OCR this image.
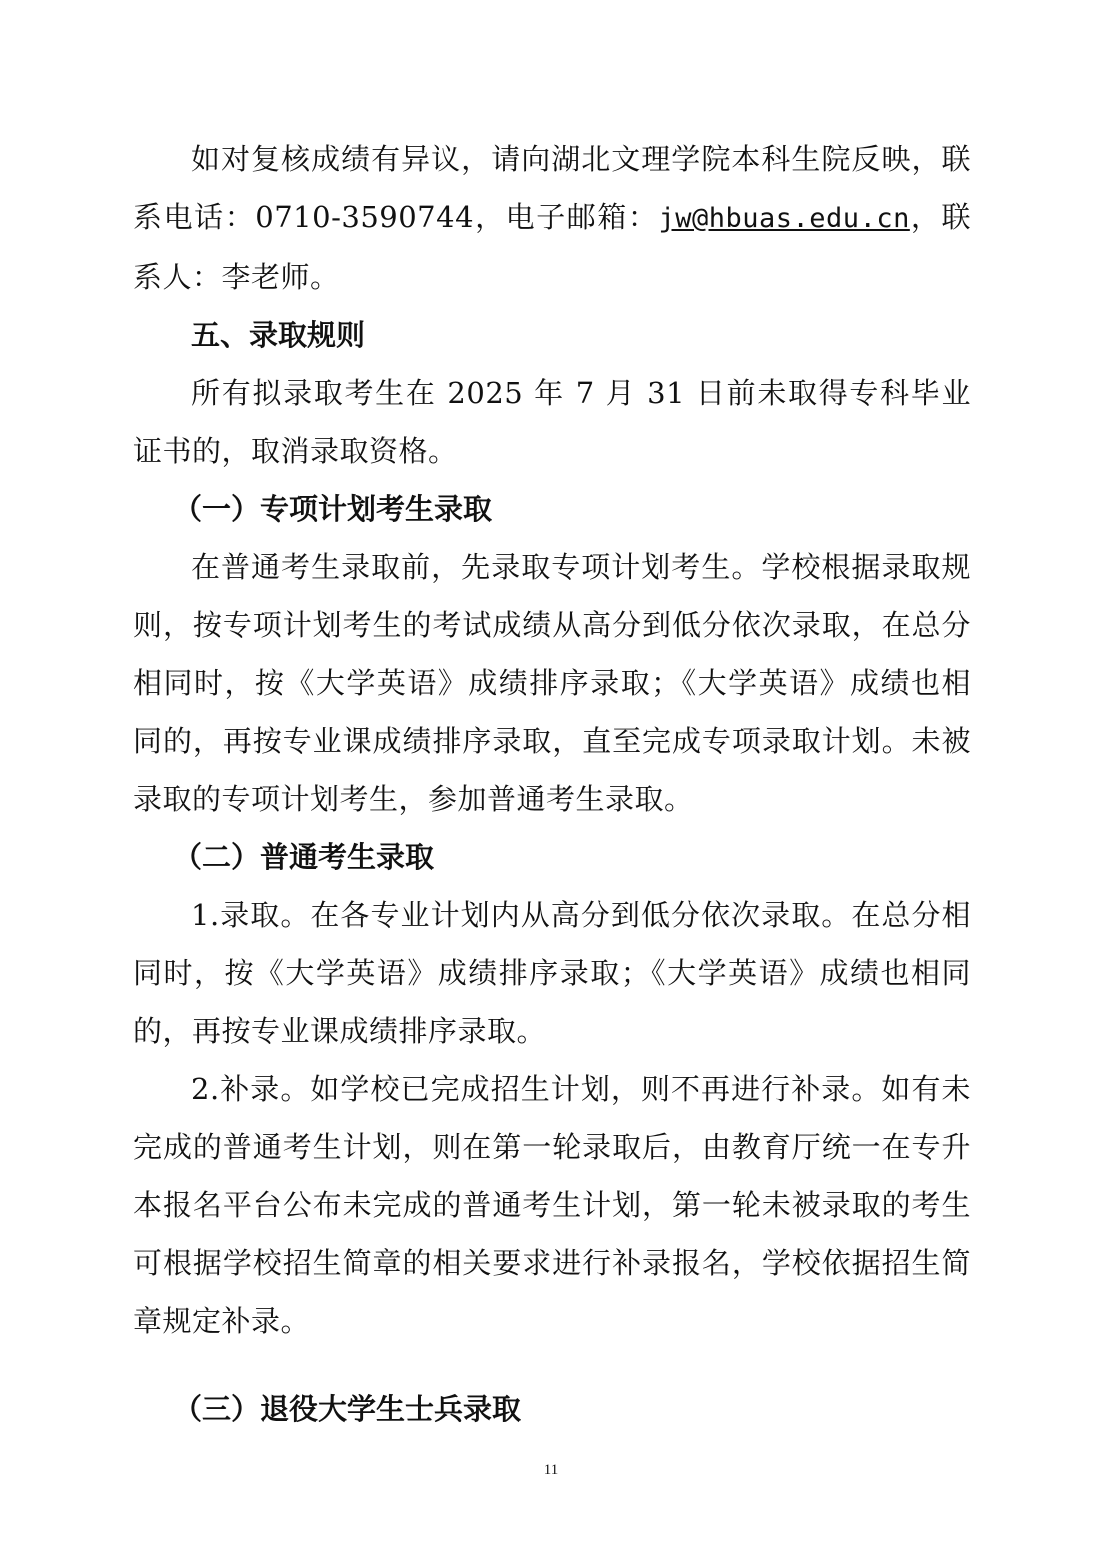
如对复核成绩有异议，请向湖北文理学院本科生院反映，联系电话：0710-3590744，电子邮箱：jw@hbuas.edu.cn，联系人：李老师。

五、录取规则

所有拟录取考生在 2025 年 7 月 31 日前未取得专科毕业证书的，取消录取资格。

（一）专项计划考生录取

在普通考生录取前，先录取专项计划考生。学校根据录取规则，按专项计划考生的考试成绩从高分到低分依次录取，在总分相同时，按《大学英语》成绩排序录取；《大学英语》成绩也相同的，再按专业课成绩排序录取，直至完成专项录取计划。未被录取的专项计划考生，参加普通考生录取。

（二）普通考生录取

1.录取。在各专业计划内从高分到低分依次录取。在总分相同时，按《大学英语》成绩排序录取；《大学英语》成绩也相同的，再按专业课成绩排序录取。

2.补录。如学校已完成招生计划，则不再进行补录。如有未完成的普通考生计划，则在第一轮录取后，由教育厅统一在专升本报名平台公布未完成的普通考生计划，第一轮未被录取的考生可根据学校招生简章的相关要求进行补录报名，学校依据招生简章规定补录。

（三）退役大学生士兵录取
11
